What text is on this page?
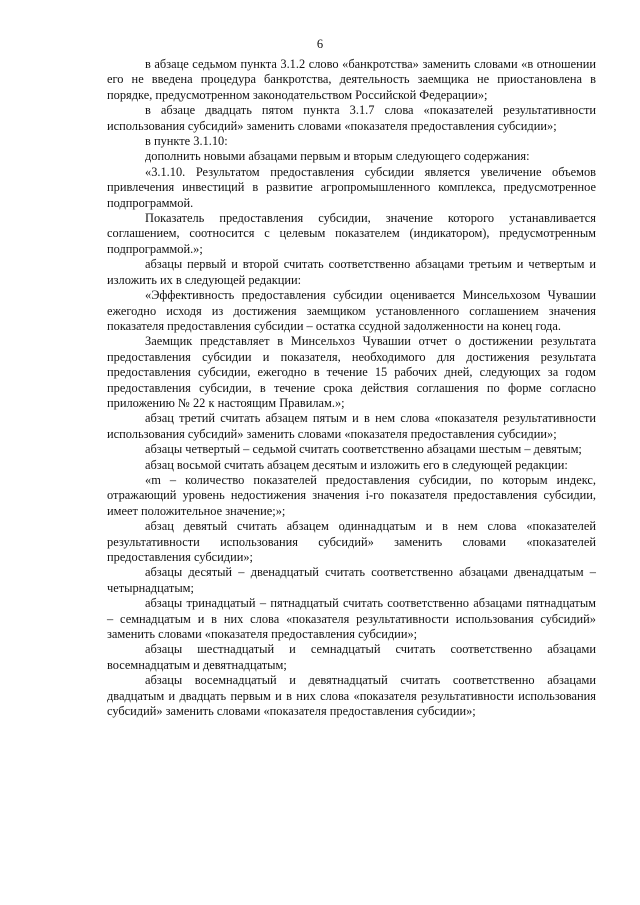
6

в абзаце седьмом пункта 3.1.2 слово «банкротства» заменить словами «в отношении его не введена процедура банкротства, деятельность заемщика не приостановлена в порядке, предусмотренном законодательством Российской Федерации»;

в абзаце двадцать пятом пункта 3.1.7 слова «показателей результативности использования субсидий» заменить словами «показателя предоставления субсидии»;

в пункте 3.1.10:

дополнить новыми абзацами первым и вторым следующего содержания:

«3.1.10. Результатом предоставления субсидии является увеличение объемов привлечения инвестиций в развитие агропромышленного комплекса, предусмотренное подпрограммой.

Показатель предоставления субсидии, значение которого устанавливается соглашением, соотносится с целевым показателем (индикатором), предусмотренным подпрограммой.»;

абзацы первый и второй считать соответственно абзацами третьим и четвертым и изложить их в следующей редакции:

«Эффективность предоставления субсидии оценивается Минсельхозом Чувашии ежегодно исходя из достижения заемщиком установленного соглашением значения показателя предоставления субсидии – остатка ссудной задолженности на конец года.

Заемщик представляет в Минсельхоз Чувашии отчет о достижении результата предоставления субсидии и показателя, необходимого для достижения результата предоставления субсидии, ежегодно в течение 15 рабочих дней, следующих за годом предоставления субсидии, в течение срока действия соглашения по форме согласно приложению № 22 к настоящим Правилам.»;

абзац третий считать абзацем пятым и в нем слова «показателя результативности использования субсидий» заменить словами «показателя предоставления субсидии»;

абзацы четвертый – седьмой считать соответственно абзацами шестым – девятым;

абзац восьмой считать абзацем десятым и изложить его в следующей редакции:

«m – количество показателей предоставления субсидии, по которым индекс, отражающий уровень недостижения значения i-го показателя предоставления субсидии, имеет положительное значение;»;

абзац девятый считать абзацем одиннадцатым и в нем слова «показателей результативности использования субсидий» заменить словами «показателей предоставления субсидии»;

абзацы десятый – двенадцатый считать соответственно абзацами двенадцатым – четырнадцатым;

абзацы тринадцатый – пятнадцатый считать соответственно абзацами пятнадцатым – семнадцатым и в них слова «показателя результативности использования субсидий» заменить словами «показателя предоставления субсидии»;

абзацы шестнадцатый и семнадцатый считать соответственно абзацами восемнадцатым и девятнадцатым;

абзацы восемнадцатый и девятнадцатый считать соответственно абзацами двадцатым и двадцать первым и в них слова «показателя результативности использования субсидий» заменить словами «показателя предоставления субсидии»;
